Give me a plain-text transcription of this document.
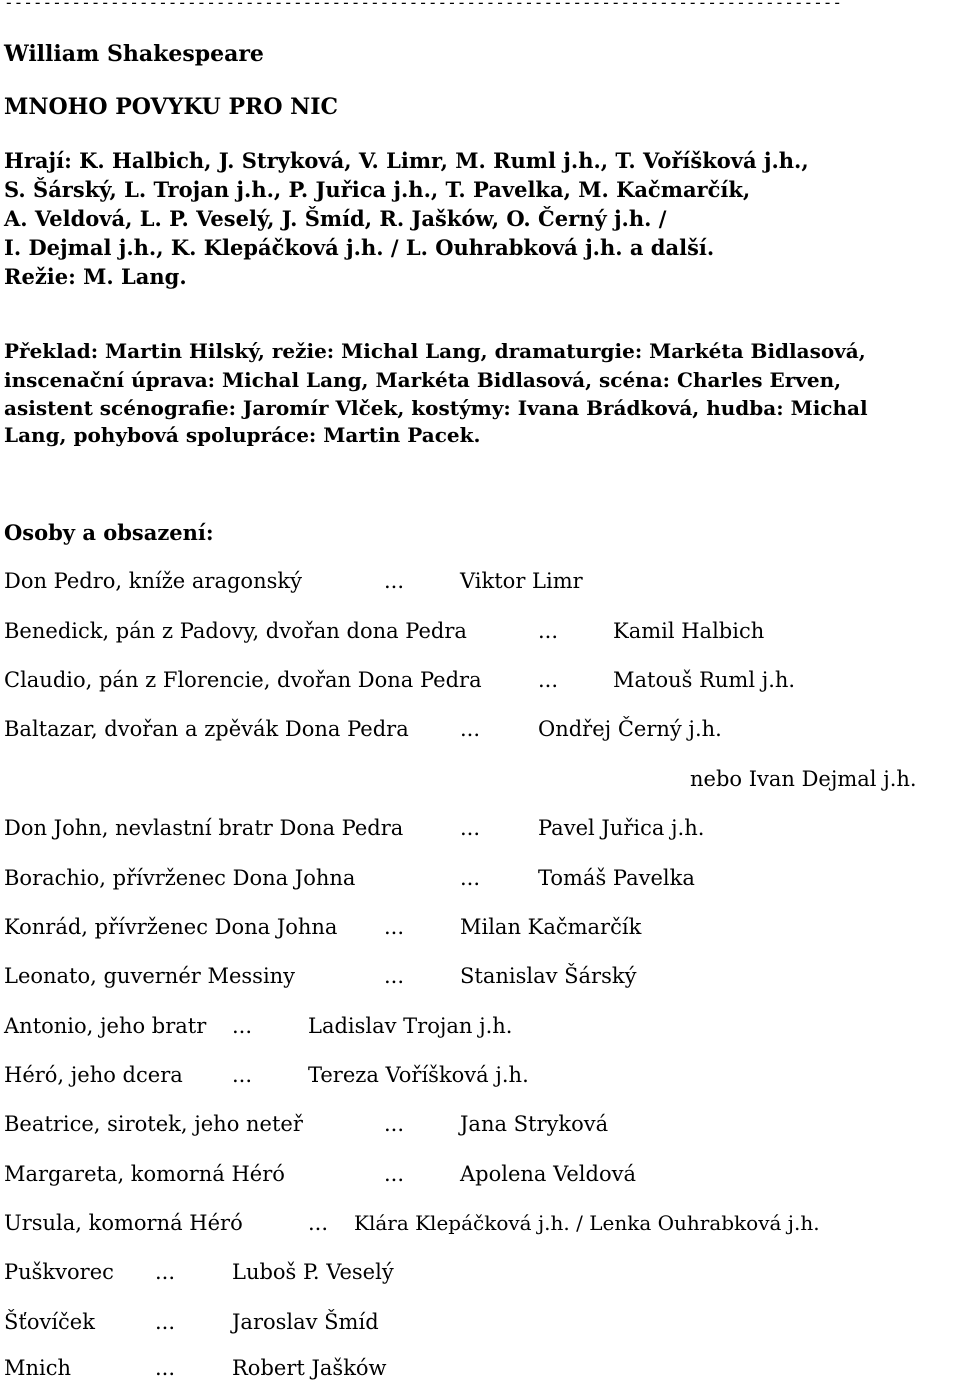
---------------------------------------------------------------------------------------
William Shakespeare
MNOHO POVYKU PRO NIC
Hrají: K. Halbich, J. Stryková, V. Limr, M. Ruml j.h., T. Voříšková j.h.,
S. Šárský, L. Trojan j.h., P. Juřica j.h., T. Pavelka, M. Kačmarčík,
A. Veldová, L. P. Veselý, J. Šmíd, R. Jašków, O. Černý j.h. /
I. Dejmal j.h., K. Klepáčková j.h. / L. Ouhrabková j.h. a další.
Režie: M. Lang.
Překlad: Martin Hilský, režie: Michal Lang, dramaturgie: Markéta Bidlasová,
inscenační úprava: Michal Lang, Markéta Bidlasová, scéna: Charles Erven,
asistent scénografie: Jaromír Vlček, kostýmy: Ivana Brádková, hudba: Michal
Lang, pohybová spolupráce: Martin Pacek.
Osoby a obsazení:
Don Pedro, kníže aragonský	...	Viktor Limr
Benedick, pán z Padovy, dvořan dona Pedra	...	Kamil Halbich
Claudio, pán z Florencie, dvořan Dona Pedra	...	Matouš Ruml j.h.
Baltazar, dvořan a zpěvák Dona Pedra ...	Ondřej Černý j.h.
nebo Ivan Dejmal j.h.
Don John, nevlastní bratr Dona Pedra	...	Pavel Juřica j.h.
Borachio, přívrženec Dona Johna	...	Tomáš Pavelka
Konrád, přívrženec Dona Johna ...	Milan Kačmarčík
Leonato, guvernér Messiny	...	Stanislav Šárský
Antonio, jeho bratr ...	Ladislav Trojan j.h.
Héró, jeho dcera ...	Tereza Voříšková j.h.
Beatrice, sirotek, jeho neteř	...	Jana Stryková
Margareta, komorná Héró	...	Apolena Veldová
Ursula, komorná Héró	... Klára Klepáčková j.h. / Lenka Ouhrabková j.h.
Puškvorec ...	Luboš P. Veselý
Šťovíček	...	Jaroslav Šmíd
Mnich	...	Robert Jašków
